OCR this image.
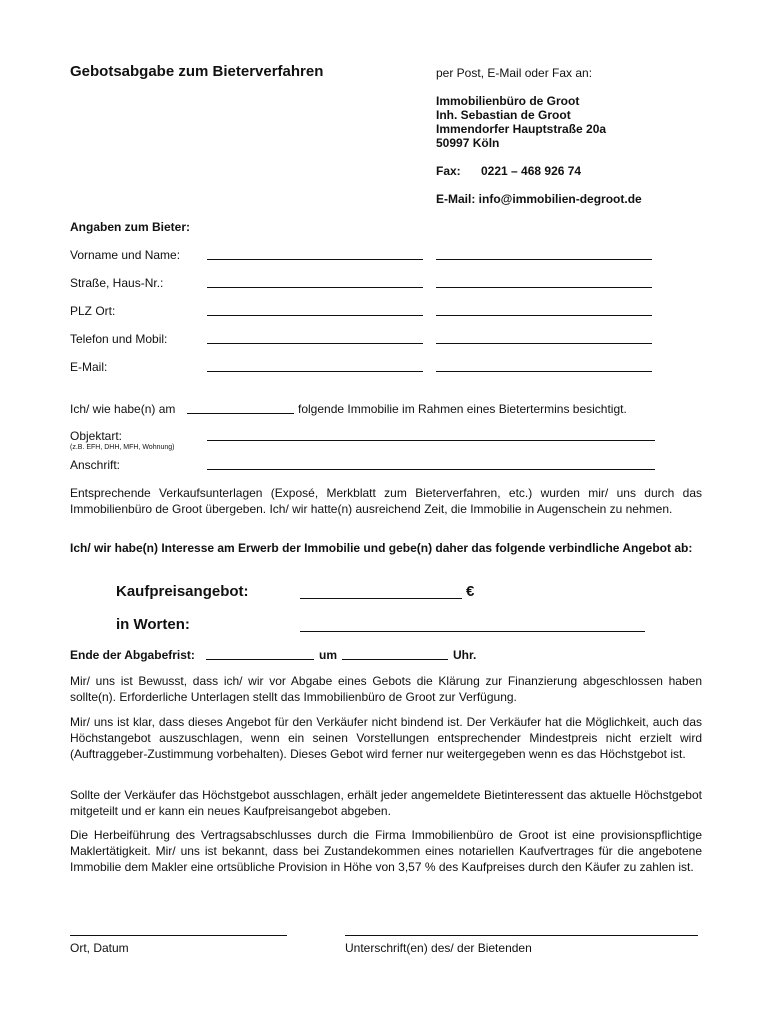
Gebotsabgabe zum Bieterverfahren	per Post, E-Mail oder Fax an:
Immobilienbüro de Groot
Inh. Sebastian de Groot
Immendorfer Hauptstraße 20a
50997 Köln
Fax: 0221 – 468 926 74
E-Mail: info@immobilien-degroot.de
Angaben zum Bieter:
Vorname und Name:
Straße, Haus-Nr.:
PLZ Ort:
Telefon und Mobil:
E-Mail:
Ich/ wie habe(n) am	folgende Immobilie im Rahmen eines Bietertermins besichtigt.
Objektart:
(z.B. EFH, DHH, MFH, Wohnung)
Anschrift:
Entsprechende Verkaufsunterlagen (Exposé, Merkblatt zum Bieterverfahren, etc.) wurden mir/ uns durch das Immobilienbüro de Groot übergeben. Ich/ wir hatte(n) ausreichend Zeit, die Immobilie in Augenschein zu nehmen.
Ich/ wir habe(n) Interesse am Erwerb der Immobilie und gebe(n) daher das folgende verbindliche Angebot ab:
Kaufpreisangebot:	€
in Worten:
Ende der Abgabefrist:	um	Uhr.
Mir/ uns ist Bewusst, dass ich/ wir vor Abgabe eines Gebots die Klärung zur Finanzierung abgeschlossen haben sollte(n). Erforderliche Unterlagen stellt das Immobilienbüro de Groot zur Verfügung.
Mir/ uns ist klar, dass dieses Angebot für den Verkäufer nicht bindend ist. Der Verkäufer hat die Möglichkeit, auch das Höchstangebot auszuschlagen, wenn ein seinen Vorstellungen entsprechender Mindestpreis nicht erzielt wird (Auftraggeber-Zustimmung vorbehalten). Dieses Gebot wird ferner nur weitergegeben wenn es das Höchstgebot ist.
Sollte der Verkäufer das Höchstgebot ausschlagen, erhält jeder angemeldete Bietinteressent das aktuelle Höchstgebot mitgeteilt und er kann ein neues Kaufpreisangebot abgeben.
Die Herbeiführung des Vertragsabschlusses durch die Firma Immobilienbüro de Groot ist eine provisionspflichtige Maklertätigkeit. Mir/ uns ist bekannt, dass bei Zustandekommen eines notariellen Kaufvertrages für die angebotene Immobilie dem Makler eine ortsübliche Provision in Höhe von 3,57 % des Kaufpreises durch den Käufer zu zahlen ist.
Ort, Datum	Unterschrift(en) des/ der Bietenden
